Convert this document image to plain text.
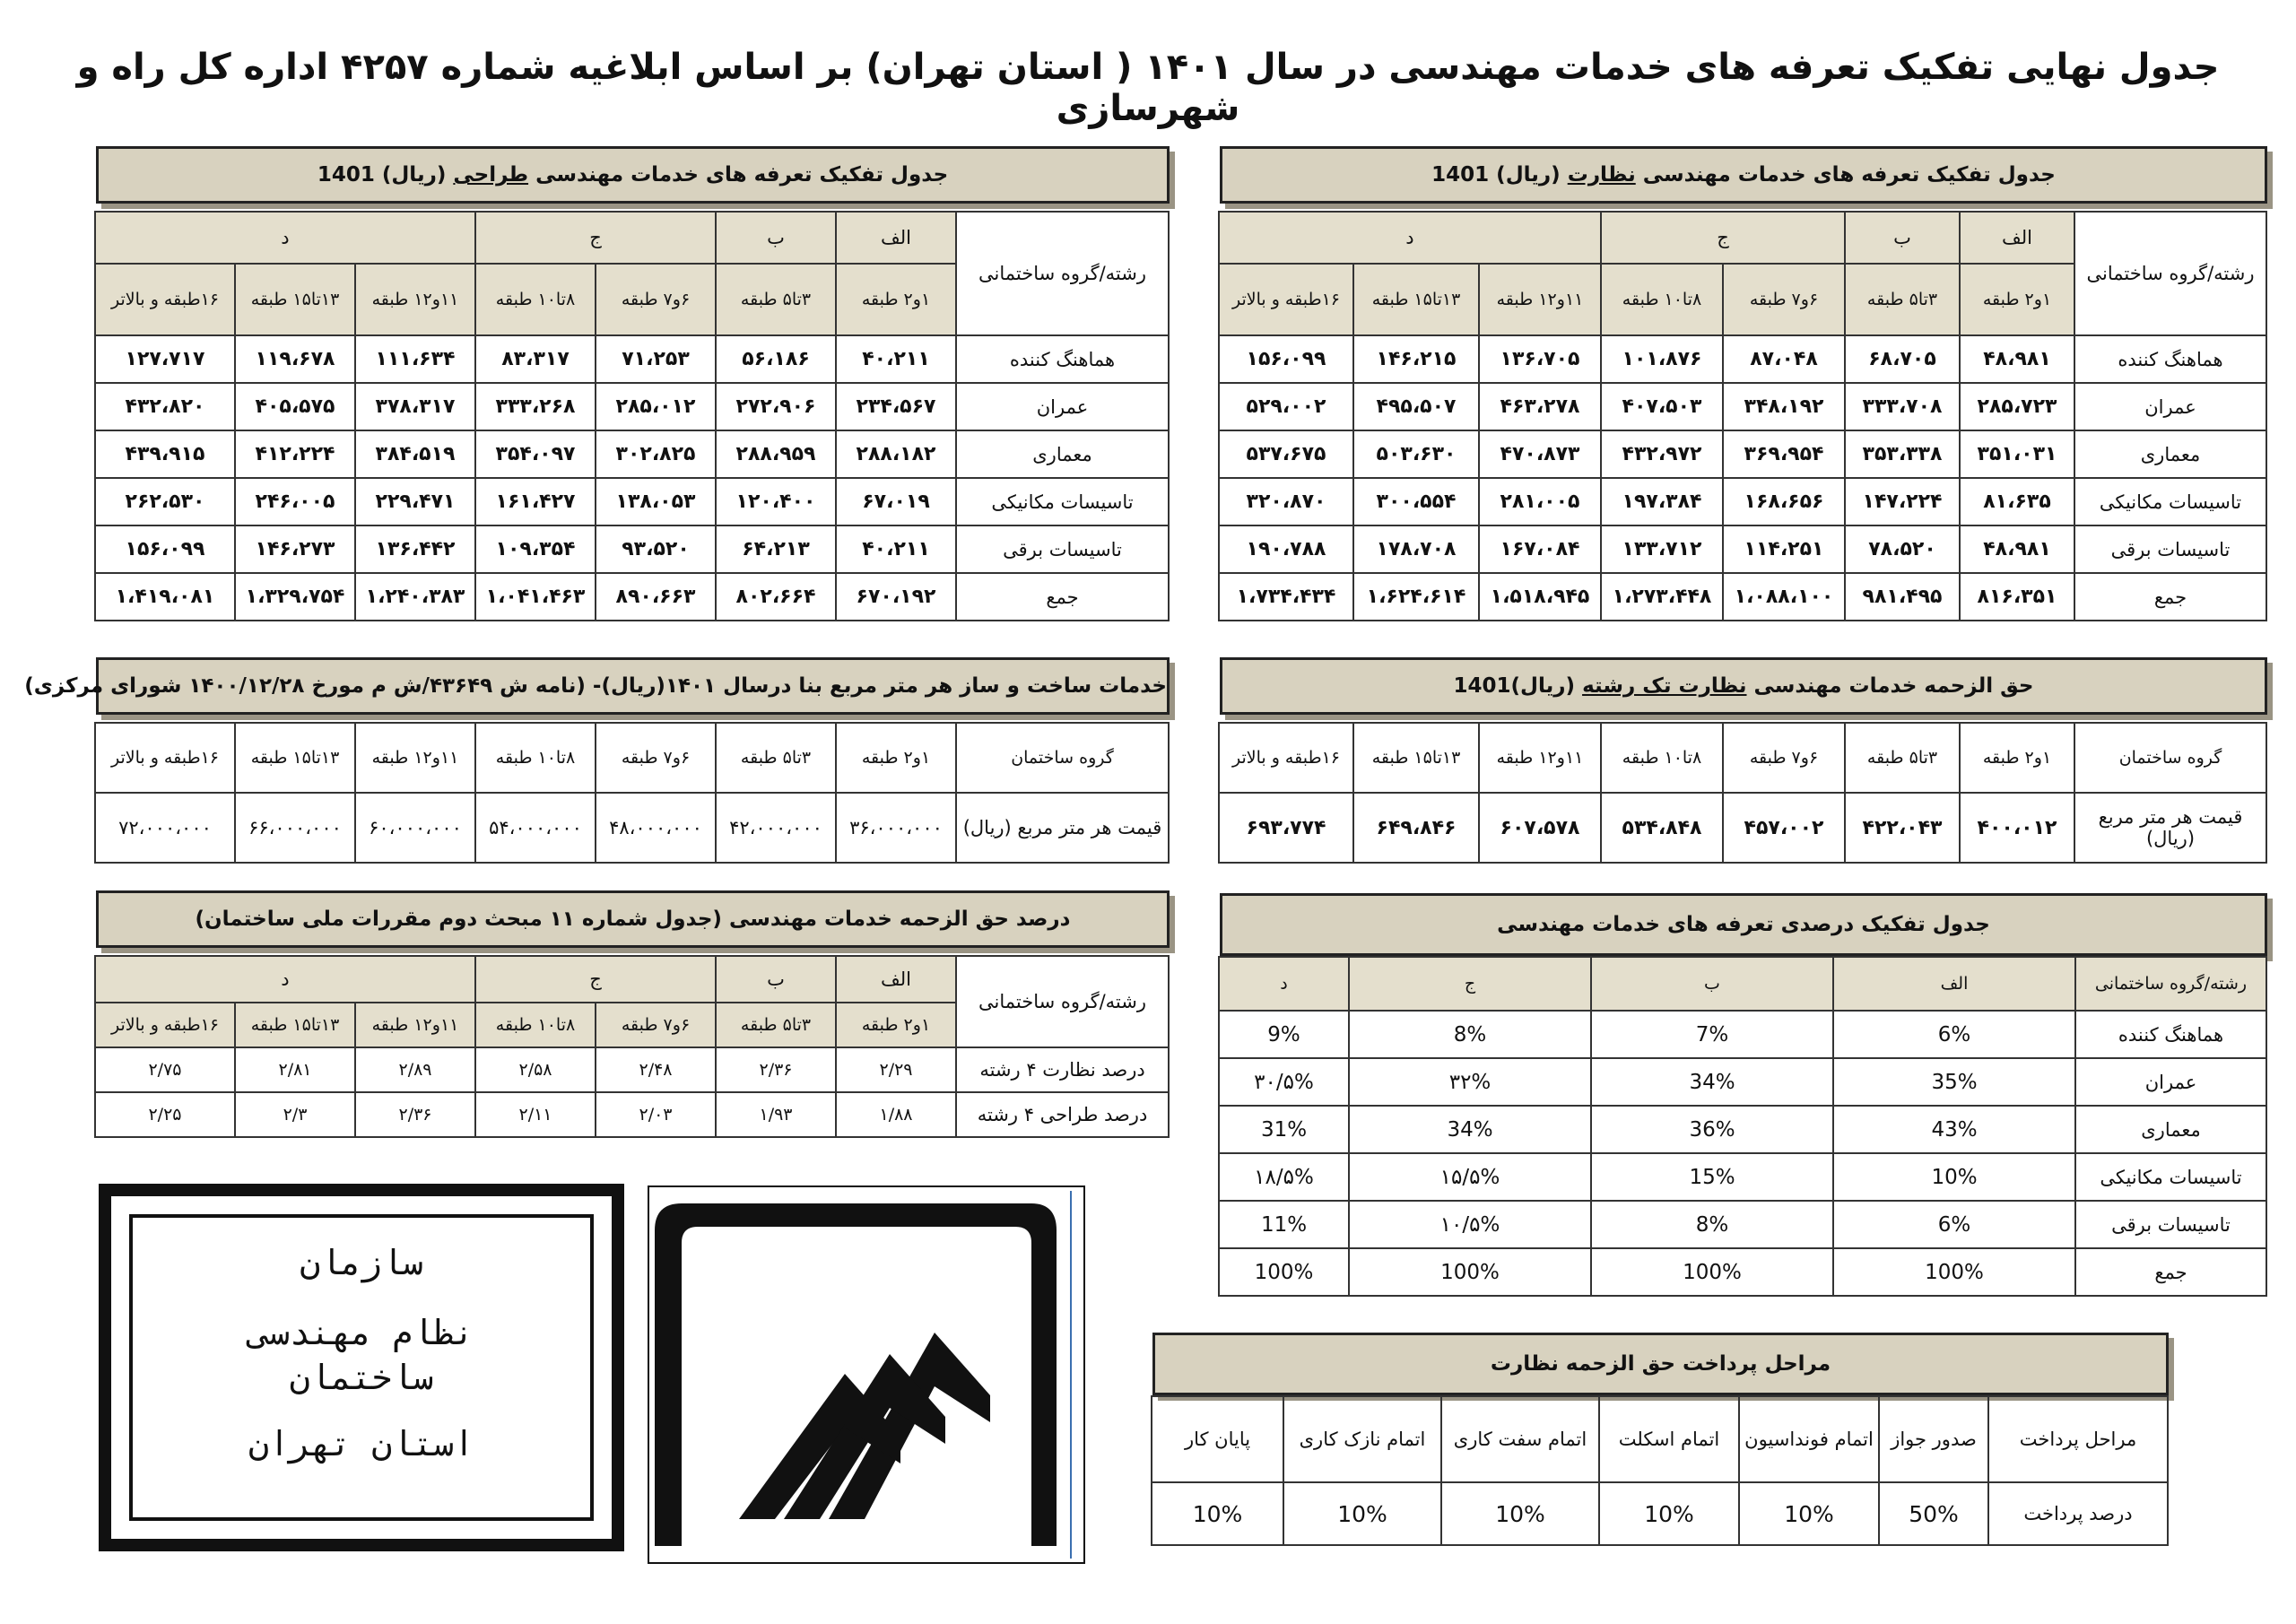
جدول نهایی تفکیک تعرفه های خدمات مهندسی در سال ۱۴۰۱ ( استان تهران) بر اساس ابلاغیه شماره ۴۲۵۷ اداره کل راه و شهرسازی
جدول تفکیک تعرفه های خدمات مهندسی نظارت (ریال) 1401
رشته/گروه ساختمانی	الف	ب	ج		د		
	۱و۲ طبقه	۳تا۵ طبقه	۶و۷ طبقه	۸تا۱۰ طبقه	۱۱و۱۲ طبقه	۱۳تا۱۵ طبقه	۱۶طبقه و بالاتر
هماهنگ کننده	۴۸،۹۸۱	۶۸،۷۰۵	۸۷،۰۴۸	۱۰۱،۸۷۶	۱۳۶،۷۰۵	۱۴۶،۲۱۵	۱۵۶،۰۹۹
عمران	۲۸۵،۷۲۳	۳۳۳،۷۰۸	۳۴۸،۱۹۲	۴۰۷،۵۰۳	۴۶۳،۲۷۸	۴۹۵،۵۰۷	۵۲۹،۰۰۲
معماری	۳۵۱،۰۳۱	۳۵۳،۳۳۸	۳۶۹،۹۵۴	۴۳۲،۹۷۲	۴۷۰،۸۷۳	۵۰۳،۶۳۰	۵۳۷،۶۷۵
تاسیسات مکانیکی	۸۱،۶۳۵	۱۴۷،۲۲۴	۱۶۸،۶۵۶	۱۹۷،۳۸۴	۲۸۱،۰۰۵	۳۰۰،۵۵۴	۳۲۰،۸۷۰
تاسیسات برقی	۴۸،۹۸۱	۷۸،۵۲۰	۱۱۴،۲۵۱	۱۳۳،۷۱۲	۱۶۷،۰۸۴	۱۷۸،۷۰۸	۱۹۰،۷۸۸
جمع	۸۱۶،۳۵۱	۹۸۱،۴۹۵	۱،۰۸۸،۱۰۰	۱،۲۷۳،۴۴۸	۱،۵۱۸،۹۴۵	۱،۶۲۴،۶۱۴	۱،۷۳۴،۴۳۴
جدول تفکیک تعرفه های خدمات مهندسی طراحی (ریال) 1401
رشته/گروه ساختمانی	الف	ب	ج		د		
	۱و۲ طبقه	۳تا۵ طبقه	۶و۷ طبقه	۸تا۱۰ طبقه	۱۱و۱۲ طبقه	۱۳تا۱۵ طبقه	۱۶طبقه و بالاتر
هماهنگ کننده	۴۰،۲۱۱	۵۶،۱۸۶	۷۱،۲۵۳	۸۳،۳۱۷	۱۱۱،۶۳۴	۱۱۹،۶۷۸	۱۲۷،۷۱۷
عمران	۲۳۴،۵۶۷	۲۷۲،۹۰۶	۲۸۵،۰۱۲	۳۳۳،۲۶۸	۳۷۸،۳۱۷	۴۰۵،۵۷۵	۴۳۲،۸۲۰
معماری	۲۸۸،۱۸۲	۲۸۸،۹۵۹	۳۰۲،۸۲۵	۳۵۴،۰۹۷	۳۸۴،۵۱۹	۴۱۲،۲۲۴	۴۳۹،۹۱۵
تاسیسات مکانیکی	۶۷،۰۱۹	۱۲۰،۴۰۰	۱۳۸،۰۵۳	۱۶۱،۴۲۷	۲۲۹،۴۷۱	۲۴۶،۰۰۵	۲۶۲،۵۳۰
تاسیسات برقی	۴۰،۲۱۱	۶۴،۲۱۳	۹۳،۵۲۰	۱۰۹،۳۵۴	۱۳۶،۴۴۲	۱۴۶،۲۷۳	۱۵۶،۰۹۹
جمع	۶۷۰،۱۹۲	۸۰۲،۶۶۴	۸۹۰،۶۶۳	۱،۰۴۱،۴۶۳	۱،۲۴۰،۳۸۳	۱،۳۲۹،۷۵۴	۱،۴۱۹،۰۸۱
حق الزحمه خدمات مهندسی نظارت تک رشته (ریال)1401
گروه ساختمان	۱و۲ طبقه	۳تا۵ طبقه	۶و۷ طبقه	۸تا۱۰ طبقه	۱۱و۱۲ طبقه	۱۳تا۱۵ طبقه	۱۶طبقه و بالاتر
قیمت هر متر مربع (ریال)	۴۰۰،۰۱۲	۴۲۲،۰۴۳	۴۵۷،۰۰۲	۵۳۴،۸۴۸	۶۰۷،۵۷۸	۶۴۹،۸۴۶	۶۹۳،۷۷۴
خدمات ساخت و ساز هر متر مربع بنا درسال ۱۴۰۱(ریال)- (نامه ش ۴۳۶۴۹/ش م مورخ ۱۴۰۰/۱۲/۲۸ شورای مرکزی)
گروه ساختمان	۱و۲ طبقه	۳تا۵ طبقه	۶و۷ طبقه	۸تا۱۰ طبقه	۱۱و۱۲ طبقه	۱۳تا۱۵ طبقه	۱۶طبقه و بالاتر
قیمت هر متر مربع (ریال)	۳۶،۰۰۰،۰۰۰	۴۲،۰۰۰،۰۰۰	۴۸،۰۰۰،۰۰۰	۵۴،۰۰۰،۰۰۰	۶۰،۰۰۰،۰۰۰	۶۶،۰۰۰،۰۰۰	۷۲،۰۰۰،۰۰۰
درصد حق الزحمه خدمات مهندسی (جدول شماره ۱۱ مبحث دوم مقررات ملی ساختمان)
رشته/گروه ساختمانی	الف	ب	ج		د		
	۱و۲ طبقه	۳تا۵ طبقه	۶و۷ طبقه	۸تا۱۰ طبقه	۱۱و۱۲ طبقه	۱۳تا۱۵ طبقه	۱۶طبقه و بالاتر
درصد نظارت ۴ رشته	۲/۲۹	۲/۳۶	۲/۴۸	۲/۵۸	۲/۸۹	۲/۸۱	۲/۷۵
درصد طراحی ۴ رشته	۱/۸۸	۱/۹۳	۲/۰۳	۲/۱۱	۲/۳۶	۲/۳	۲/۲۵
جدول تفکیک درصدی تعرفه های خدمات مهندسی
رشته/گروه ساختمانی	الف	ب	ج	د
هماهنگ کننده	6%	7%	8%	9%
عمران	35%	34%	۳۲%	۳۰/۵%
معماری	43%	36%	34%	31%
تاسیسات مکانیکی	10%	15%	۱۵/۵%	۱۸/۵%
تاسیسات برقی	6%	8%	۱۰/۵%	11%
جمع	100%	100%	100%	100%
مراحل پرداخت حق الزحمه نظارت
مراحل پرداخت	صدور جواز	اتمام فونداسیون	اتمام اسکلت	اتمام سفت کاری	اتمام نازک کاری	پایان کار
درصد پرداخت	50%	10%	10%	10%	10%	10%
سازمان
نظام مهندسی
ساختمان
استان تهران
